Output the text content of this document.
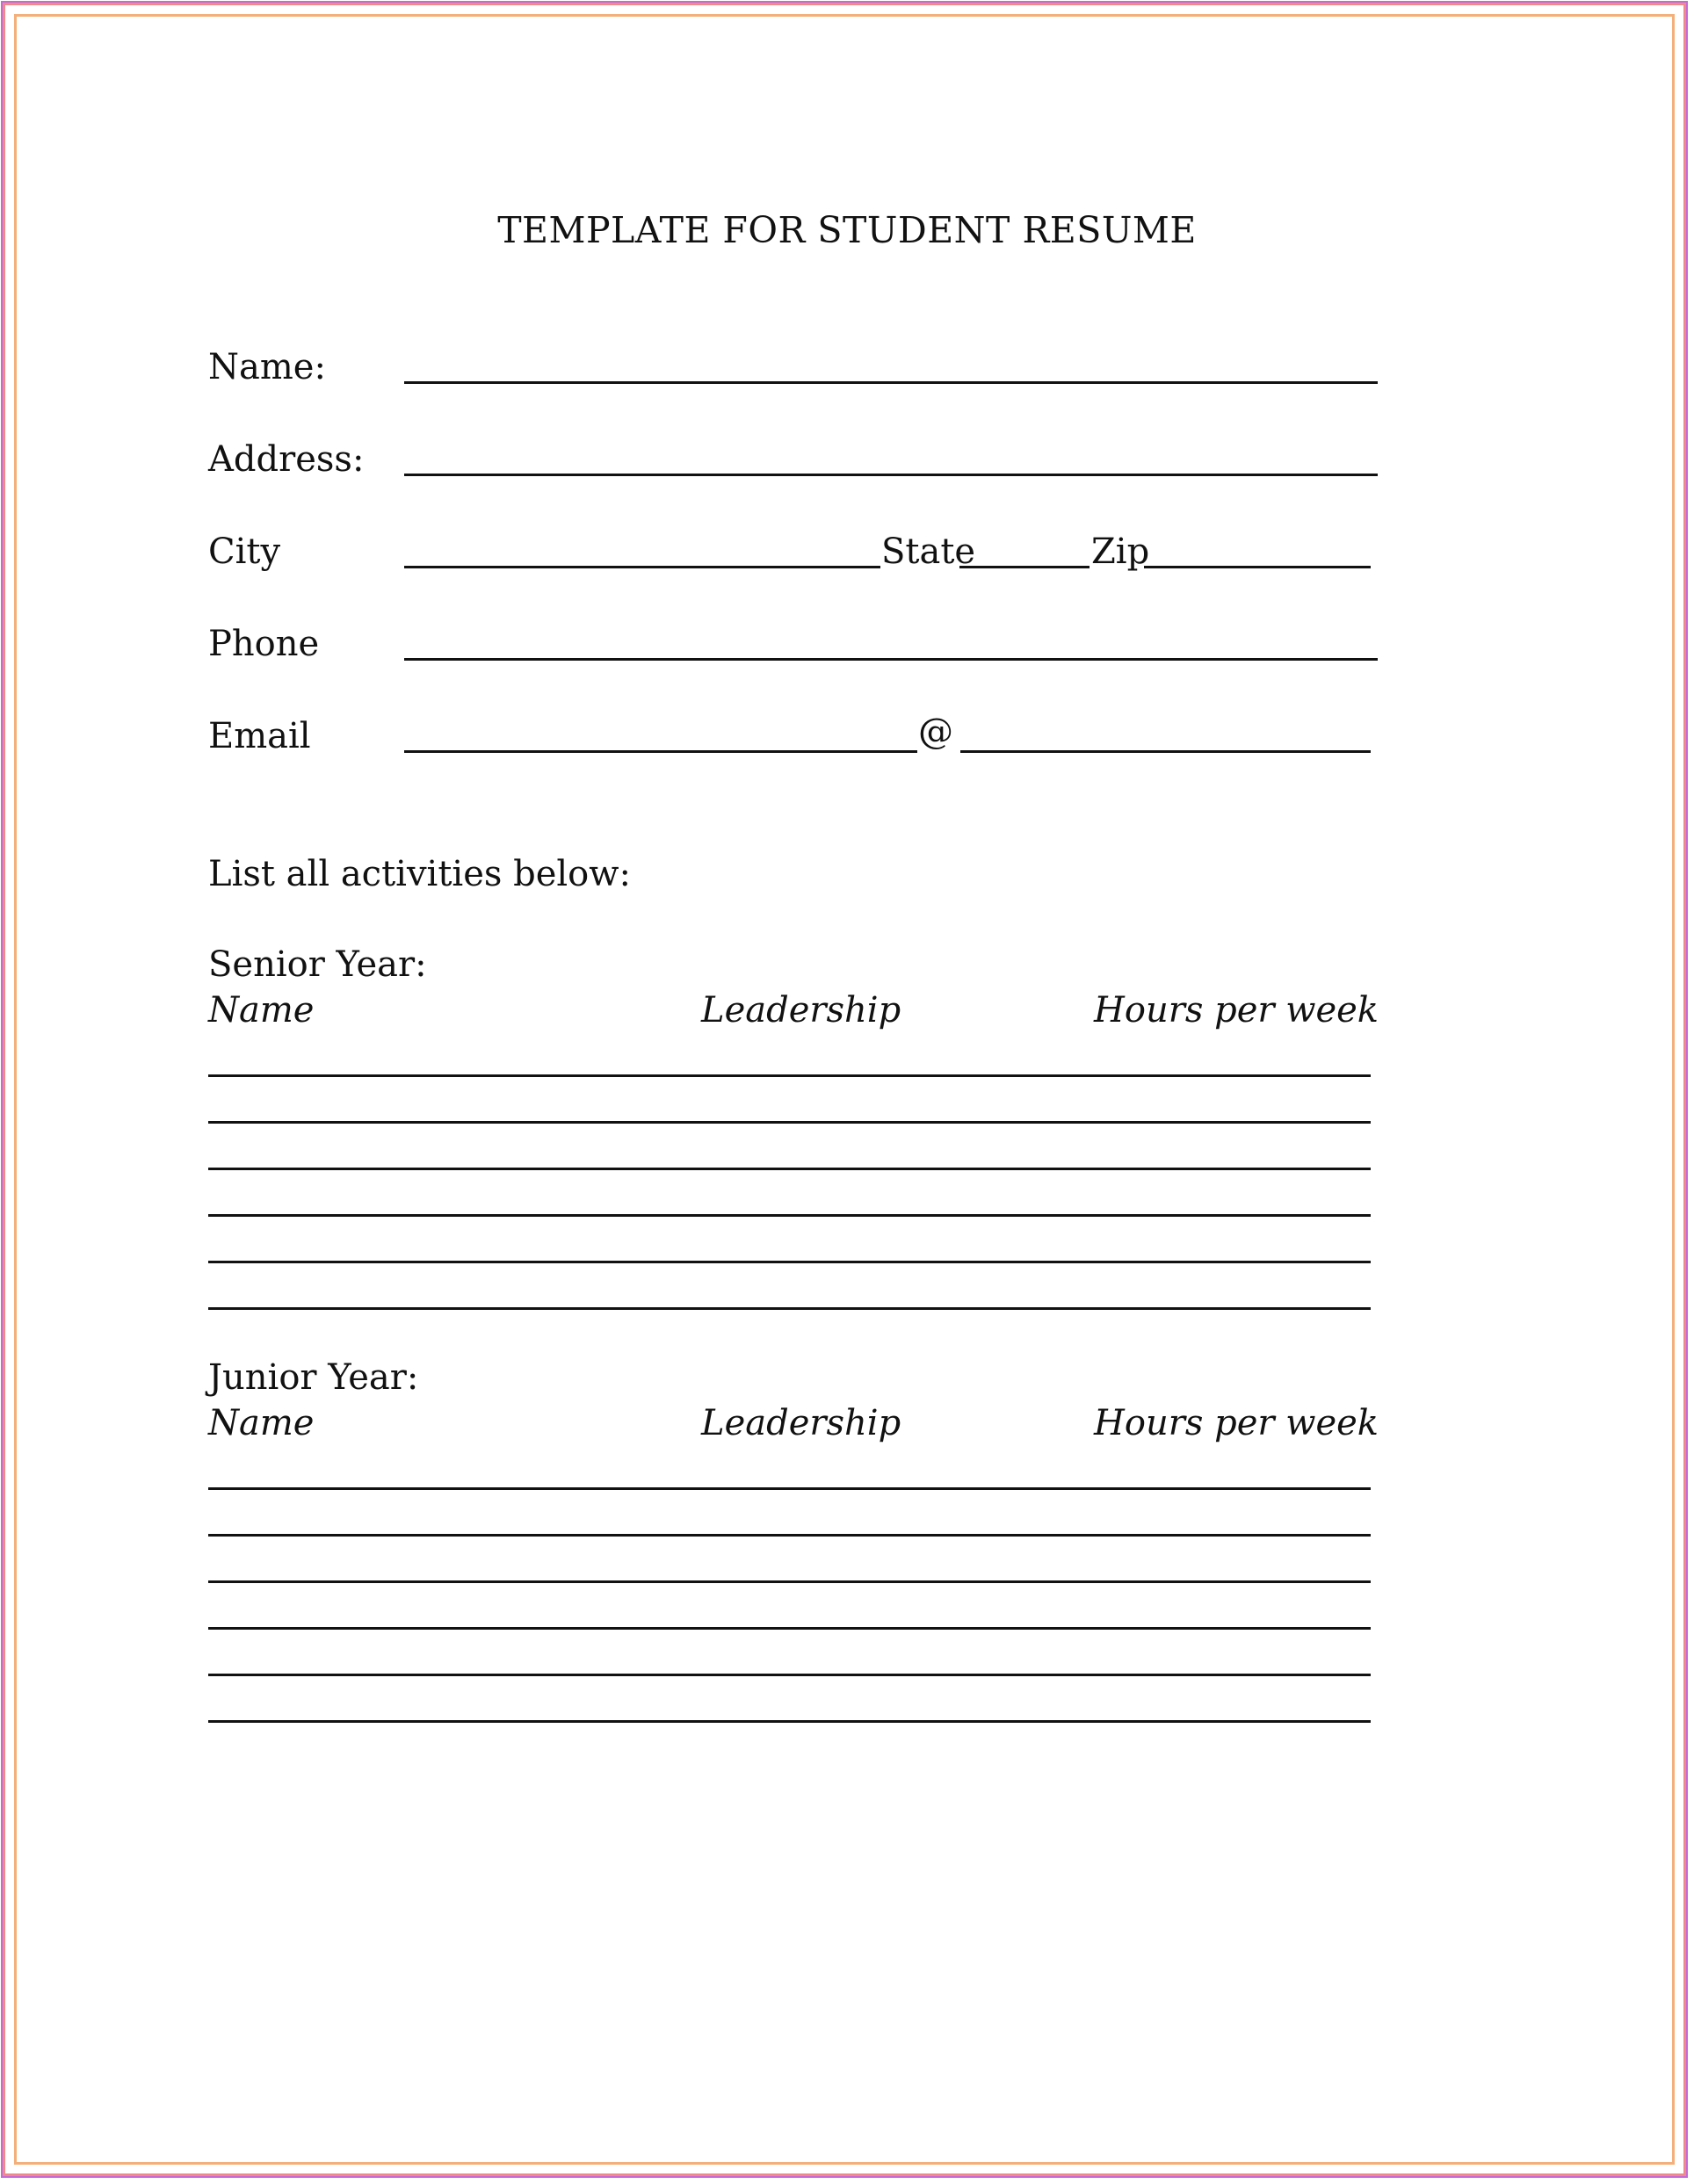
TEMPLATE FOR STUDENT RESUME
Name:
Address:
City	State	Zip
Phone
Email	@
List all activities below:
Senior Year:
Name	Leadership	Hours per week
Junior Year:
Name	Leadership	Hours per week
